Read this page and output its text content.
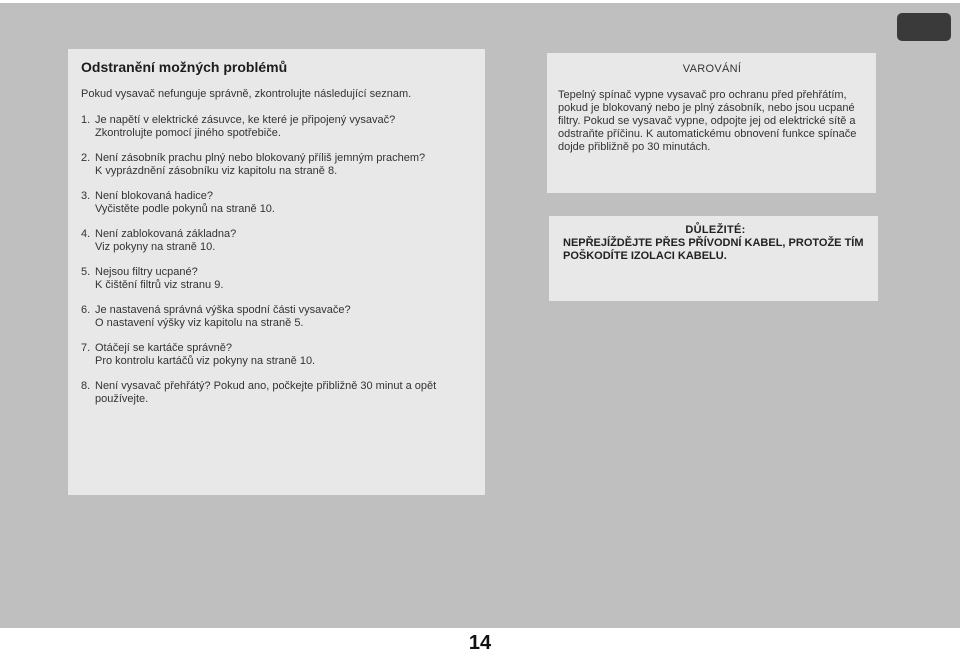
Odstranění možných problémů

Pokud vysavač nefunguje správně, zkontrolujte následující seznam.

1. Je napětí v elektrické zásuvce, ke které je připojený vysavač?
Zkontrolujte pomocí jiného spotřebiče.
2. Není zásobník prachu plný nebo blokovaný příliš jemným prachem?
K vyprázdnění zásobníku viz kapitolu na straně 8.
3. Není blokovaná hadice?
Vyčistěte podle pokynů na straně 10.
4. Není zablokovaná základna?
Viz pokyny na straně 10.
5. Nejsou filtry ucpané?
K čištění filtrů viz stranu 9.
6. Je nastavená správná výška spodní části vysavače?
O nastavení výšky viz kapitolu na straně 5.
7. Otáčejí se kartáče správně?
Pro kontrolu kartáčů viz pokyny na straně 10.
8. Není vysavač přehřátý? Pokud ano, počkejte přibližně 30 minut a opět používejte.
VAROVÁNÍ

Tepelný spínač vypne vysavač pro ochranu před přehřátím, pokud je blokovaný nebo je plný zásobník, nebo jsou ucpané filtry. Pokud se vysavač vypne, odpojte jej od elektrické sítě a odstraňte příčinu. K automatickému obnovení funkce spínače dojde přibližně po 30 minutách.

DŮLEŽITÉ:

NEPŘEJÍŽDĚJTE PŘES PŘÍVODNÍ KABEL, PROTOŽE TÍM POŠKODÍTE IZOLACI KABELU.

14
